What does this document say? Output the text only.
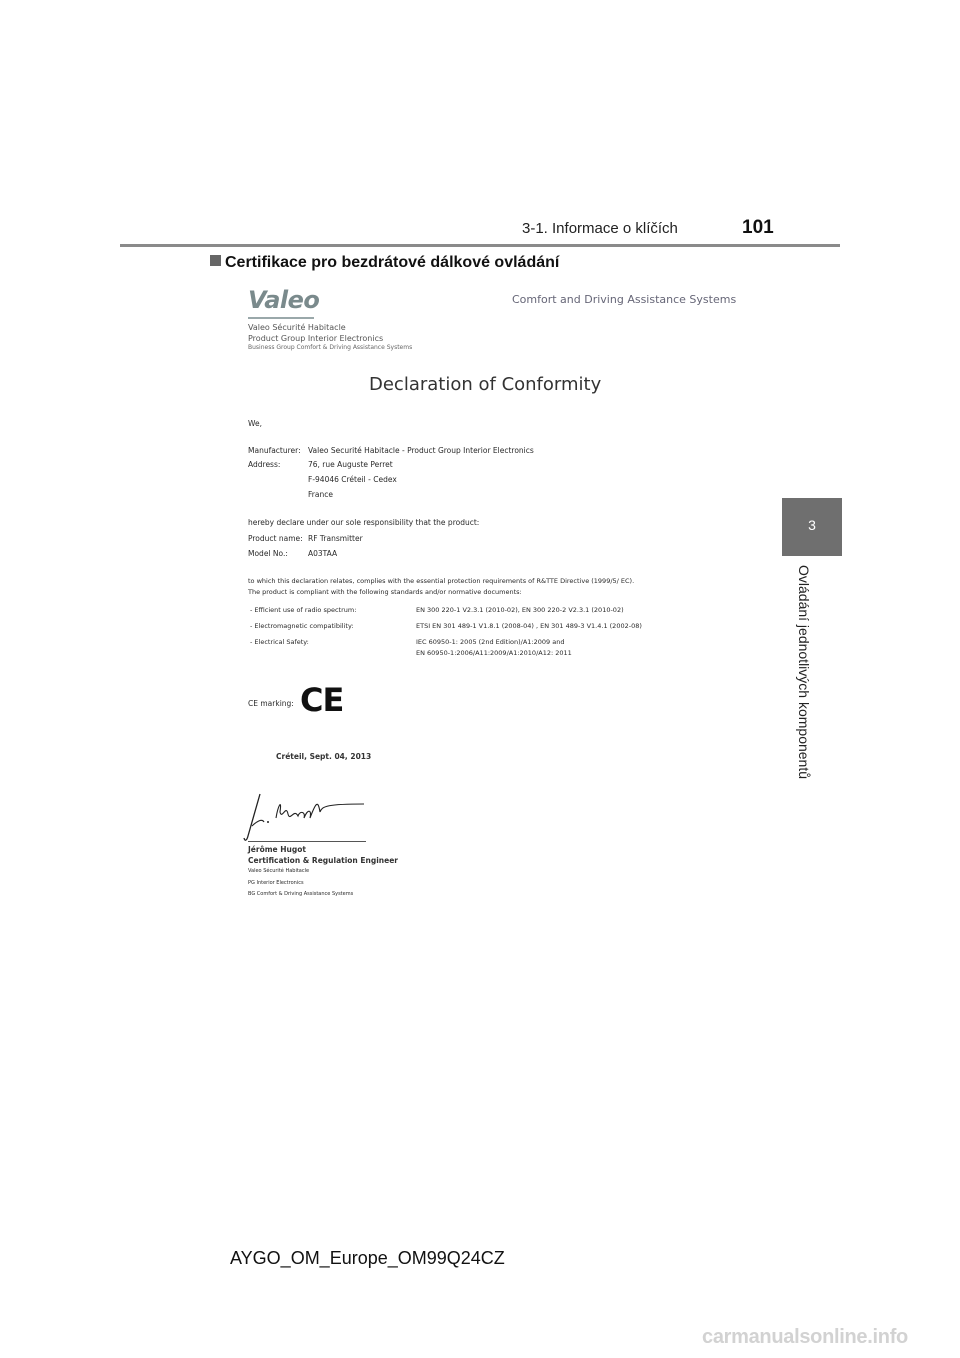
3-1. Informace o klíčích	101
Certifikace pro bezdrátové dálkové ovládání
3
Ovládání jednotlivých komponentů
Valeo
Valeo Sécurité Habitacle
Product Group Interior Electronics
Business Group Comfort & Driving Assistance Systems
Comfort and Driving Assistance Systems
Declaration of Conformity
We,
Manufacturer: Valeo Securité Habitacle - Product Group Interior Electronics
Address:	76, rue Auguste Perret
F-94046 Créteil - Cedex
France
hereby declare under our sole responsibility that the product:
Product name: RF Transmitter
Model No.:	A03TAA
to which this declaration relates, complies with the essential protection requirements of R&TTE Directive (1999/5/ EC).
The product is compliant with the following standards and/or normative documents:
- Efficient use of radio spectrum:	EN 300 220-1 V2.3.1 (2010-02), EN 300 220-2 V2.3.1 (2010-02)
- Electromagnetic compatibility:	ETSI EN 301 489-1 V1.8.1 (2008-04) , EN 301 489-3 V1.4.1 (2002-08)
- Electrical Safety:	IEC 60950-1: 2005 (2nd Edition)/A1:2009 and
EN 60950-1:2006/A11:2009/A1:2010/A12: 2011
CE marking: CE
Créteil, Sept. 04, 2013
Jérôme Hugot
Certification & Regulation Engineer
Valeo Sécurité Habitacle
PG Interior Electronics
BG Comfort & Driving Assistance Systems
AYGO_OM_Europe_OM99Q24CZ
carmanualsonline.info
